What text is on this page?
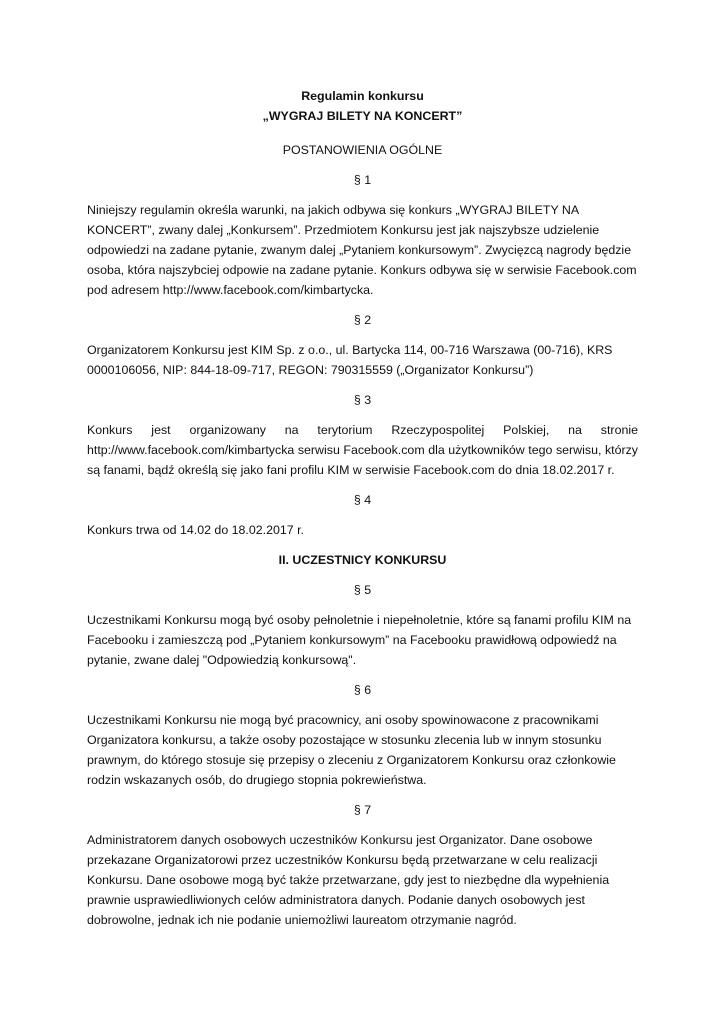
Regulamin konkursu

„WYGRAJ BILETY NA KONCERT”

POSTANOWIENIA OGÓLNE

§ 1

Niniejszy regulamin określa warunki, na jakich odbywa się konkurs „WYGRAJ BILETY NA KONCERT”, zwany dalej „Konkursem”. Przedmiotem Konkursu jest jak najszybsze udzielenie odpowiedzi na zadane pytanie, zwanym dalej „Pytaniem konkursowym”. Zwycięzcą nagrody będzie osoba, która najszybciej odpowie na zadane pytanie. Konkurs odbywa się w serwisie Facebook.com pod adresem http://www.facebook.com/kimbartycka.

§ 2

Organizatorem Konkursu jest KIM Sp. z o.o., ul. Bartycka 114, 00-716 Warszawa (00-716), KRS 0000106056, NIP: 844-18-09-717, REGON: 790315559 („Organizator Konkursu”)

§ 3

Konkurs jest organizowany na terytorium Rzeczypospolitej Polskiej, na stronie http://www.facebook.com/kimbartycka serwisu Facebook.com dla użytkowników tego serwisu, którzy są fanami, bądź określą się jako fani profilu KIM w serwisie Facebook.com do dnia 18.02.2017 r.

§ 4

Konkurs trwa od 14.02 do 18.02.2017 r.

II. UCZESTNICY KONKURSU

§ 5

Uczestnikami Konkursu mogą być osoby pełnoletnie i niepełnoletnie, które są fanami profilu KIM na Facebooku i zamieszczą pod „Pytaniem konkursowym” na Facebooku prawidłową odpowiedź na pytanie, zwane dalej "Odpowiedzią konkursową".

§ 6

Uczestnikami Konkursu nie mogą być pracownicy, ani osoby spowinowacone z pracownikami Organizatora konkursu, a także osoby pozostające w stosunku zlecenia lub w innym stosunku prawnym, do którego stosuje się przepisy o zleceniu z Organizatorem Konkursu oraz członkowie rodzin wskazanych osób, do drugiego stopnia pokrewieństwa.

§ 7

Administratorem danych osobowych uczestników Konkursu jest Organizator. Dane osobowe przekazane Organizatorowi przez uczestników Konkursu będą przetwarzane w celu realizacji Konkursu. Dane osobowe mogą być także przetwarzane, gdy jest to niezbędne dla wypełnienia prawnie usprawiedliwionych celów administratora danych. Podanie danych osobowych jest dobrowolne, jednak ich nie podanie uniemożliwi laureatom otrzymanie nagród.
